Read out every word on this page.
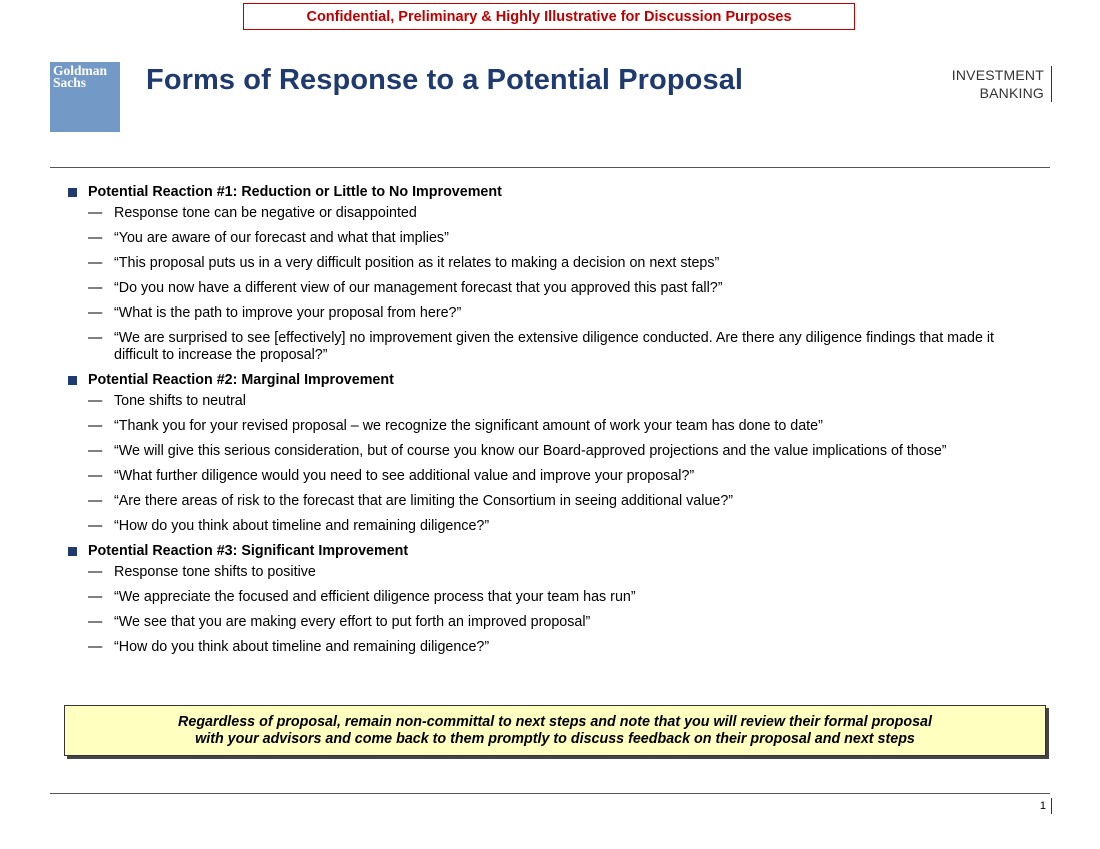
Confidential, Preliminary & Highly Illustrative for Discussion Purposes
Goldman
Sachs	Forms of Response to a Potential Proposal	INVESTMENT
BANKING
Potential Reaction #1: Reduction or Little to No Improvement
— Response tone can be negative or disappointed
— “You are aware of our forecast and what that implies”
— “This proposal puts us in a very difficult position as it relates to making a decision on next steps”
— “Do you now have a different view of our management forecast that you approved this past fall?”
— “What is the path to improve your proposal from here?”
— “We are surprised to see [effectively] no improvement given the extensive diligence conducted. Are there any diligence findings that made it difficult to increase the proposal?”
Potential Reaction #2: Marginal Improvement
— Tone shifts to neutral
— “Thank you for your revised proposal – we recognize the significant amount of work your team has done to date”
— “We will give this serious consideration, but of course you know our Board-approved projections and the value implications of those”
— “What further diligence would you need to see additional value and improve your proposal?”
— “Are there areas of risk to the forecast that are limiting the Consortium in seeing additional value?”
— “How do you think about timeline and remaining diligence?”
Potential Reaction #3: Significant Improvement
— Response tone shifts to positive
— “We appreciate the focused and efficient diligence process that your team has run”
— “We see that you are making every effort to put forth an improved proposal”
— “How do you think about timeline and remaining diligence?”
Regardless of proposal, remain non-committal to next steps and note that you will review their formal proposal
with your advisors and come back to them promptly to discuss feedback on their proposal and next steps
1
